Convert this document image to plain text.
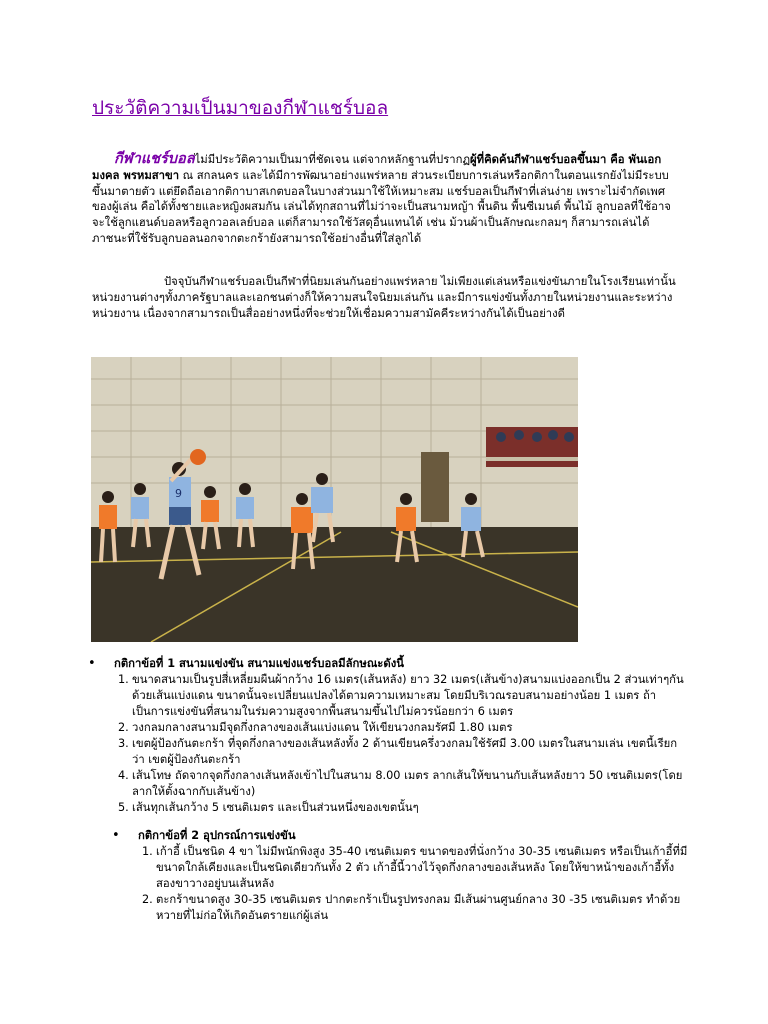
ประวัติความเป็นมาของกีฬาแชร์บอล

กีฬาแชร์บอลไม่มีประวัติความเป็นมาที่ชัดเจน แต่จากหลักฐานที่ปรากฏผู้ที่คิดค้นกีฬาแชร์บอลขึ้นมา คือ พันเอกมงคล พรหมสาขา ณ สกลนคร และได้มีการพัฒนาอย่างแพร่หลาย ส่วนระเบียบการเล่นหรือกติกาในตอนแรกยังไม่มีระบบขึ้นมาตายตัว แต่ยึดถือเอากติกาบาสเกตบอลในบางส่วนมาใช้ให้เหมาะสม แชร์บอลเป็นกีฬาที่เล่นง่าย เพราะไม่จำกัดเพศของผู้เล่น คือได้ทั้งชายและหญิงผสมกัน เล่นได้ทุกสถานที่ไม่ว่าจะเป็นสนามหญ้า พื้นดิน พื้นซีเมนต์ พื้นไม้ ลูกบอลที่ใช้อาจจะใช้ลูกแฮนด์บอลหรือลูกวอลเลย์บอล แต่ก็สามารถใช้วัสดุอื่นแทนได้ เช่น ม้วนผ้าเป็นลักษณะกลมๆ ก็สามารถเล่นได้ ภาชนะที่ใช้รับลูกบอลนอกจากตะกร้ายังสามารถใช้อย่างอื่นที่ใส่ลูกได้

ปัจจุบันกีฬาแชร์บอลเป็นกีฬาที่นิยมเล่นกันอย่างแพร่หลาย ไม่เพียงแต่เล่นหรือแข่งขันภายในโรงเรียนเท่านั้น หน่วยงานต่างๆทั้งภาครัฐบาลและเอกชนต่างก็ให้ความสนใจนิยมเล่นกัน และมีการแข่งขันทั้งภายในหน่วยงานและระหว่างหน่วยงาน เนื่องจากสามารถเป็นสื่ออย่างหนึ่งที่จะช่วยให้เชื่อมความสามัคคีระหว่างกันได้เป็นอย่างดี

9
• กติกาข้อที่ 1 สนามแข่งขัน สนามแข่งแชร์บอลมีลักษณะดังนี้
1. ขนาดสนามเป็นรูปสี่เหลี่ยมผืนผ้ากว้าง 16 เมตร(เส้นหลัง) ยาว 32 เมตร(เส้นข้าง)สนามแบ่งออกเป็น 2 ส่วนเท่าๆกัน ด้วยเส้นแบ่งแดน ขนาดนั้นจะเปลี่ยนแปลงได้ตามความเหมาะสม โดยมีบริเวณรอบสนามอย่างน้อย 1 เมตร ถ้าเป็นการแข่งขันที่สนามในร่มความสูงจากพื้นสนามขึ้นไปไม่ควรน้อยกว่า 6 เมตร
2. วงกลมกลางสนามมีจุดกึ่งกลางของเส้นแบ่งแดน ให้เขียนวงกลมรัศมี 1.80 เมตร
3. เขตผู้ป้องกันตะกร้า ที่จุดกึ่งกลางของเส้นหลังทั้ง 2 ด้านเขียนครึ่งวงกลมใช้รัศมี 3.00 เมตรในสนามเล่น เขตนี้เรียกว่า เขตผู้ป้องกันตะกร้า
4. เส้นโทษ ถัดจากจุดกึ่งกลางเส้นหลังเข้าไปในสนาม 8.00 เมตร ลากเส้นให้ขนานกับเส้นหลังยาว 50 เซนติเมตร(โดยลากให้ตั้งฉากกับเส้นข้าง)
5. เส้นทุกเส้นกว้าง 5 เซนติเมตร และเป็นส่วนหนึ่งของเขตนั้นๆ
• กติกาข้อที่ 2 อุปกรณ์การแข่งขัน
1. เก้าอี้ เป็นชนิด 4 ขา ไม่มีพนักพิงสูง 35-40 เซนติเมตร ขนาดของที่นั่งกว้าง 30-35 เซนติเมตร หรือเป็นเก้าอี้ที่มีขนาดใกล้เคียงและเป็นชนิดเดียวกันทั้ง 2 ตัว เก้าอี้นี้วางไว้จุดกึ่งกลางของเส้นหลัง โดยให้ขาหน้าของเก้าอี้ทั้งสองขาวางอยู่บนเส้นหลัง
2. ตะกร้าขนาดสูง 30-35 เซนติเมตร ปากตะกร้าเป็นรูปทรงกลม มีเส้นผ่านศูนย์กลาง 30 -35 เซนติเมตร ทำด้วยหวายที่ไม่ก่อให้เกิดอันตรายแก่ผู้เล่น
